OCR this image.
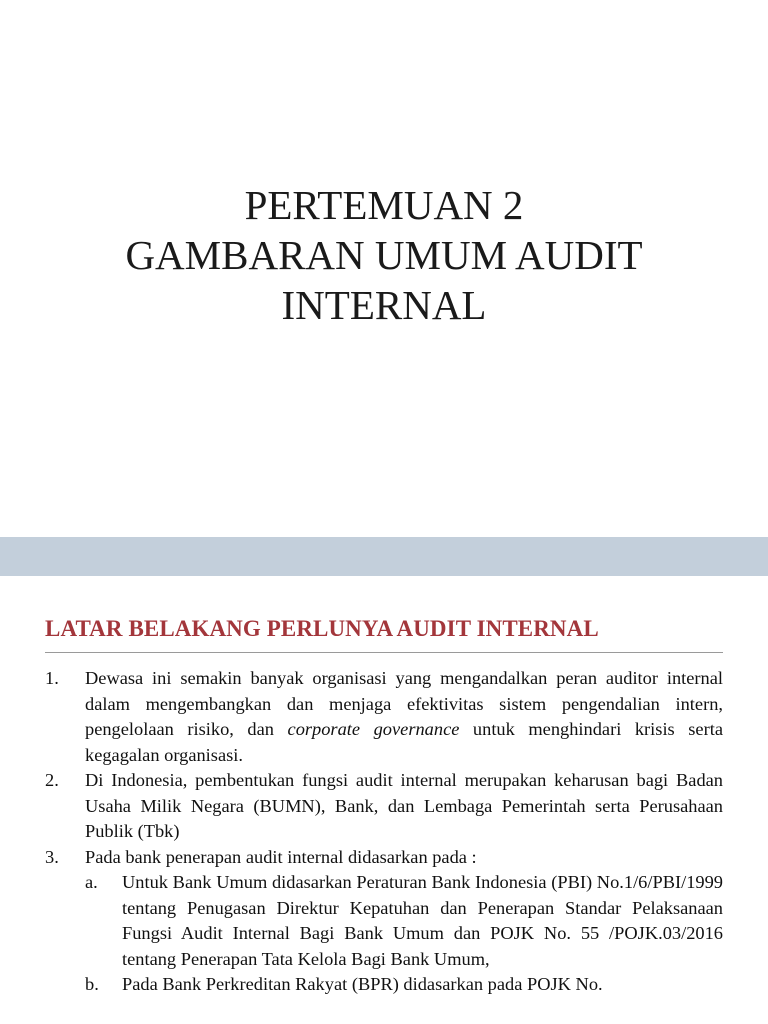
PERTEMUAN 2
GAMBARAN UMUM AUDIT
INTERNAL
LATAR BELAKANG PERLUNYA AUDIT INTERNAL
1. Dewasa ini semakin banyak organisasi yang mengandalkan peran auditor internal dalam mengembangkan dan menjaga efektivitas sistem pengendalian intern, pengelolaan risiko, dan corporate governance untuk menghindari krisis serta kegagalan organisasi.
2. Di Indonesia, pembentukan fungsi audit internal merupakan keharusan bagi Badan Usaha Milik Negara (BUMN), Bank, dan Lembaga Pemerintah serta Perusahaan Publik (Tbk)
3. Pada bank penerapan audit internal didasarkan pada :
a. Untuk Bank Umum didasarkan Peraturan Bank Indonesia (PBI) No.1/6/PBI/1999 tentang Penugasan Direktur Kepatuhan dan Penerapan Standar Pelaksanaan Fungsi Audit Internal Bagi Bank Umum dan POJK No. 55 /POJK.03/2016 tentang Penerapan Tata Kelola Bagi Bank Umum,
b. Pada Bank Perkreditan Rakyat (BPR) didasarkan pada POJK No.
